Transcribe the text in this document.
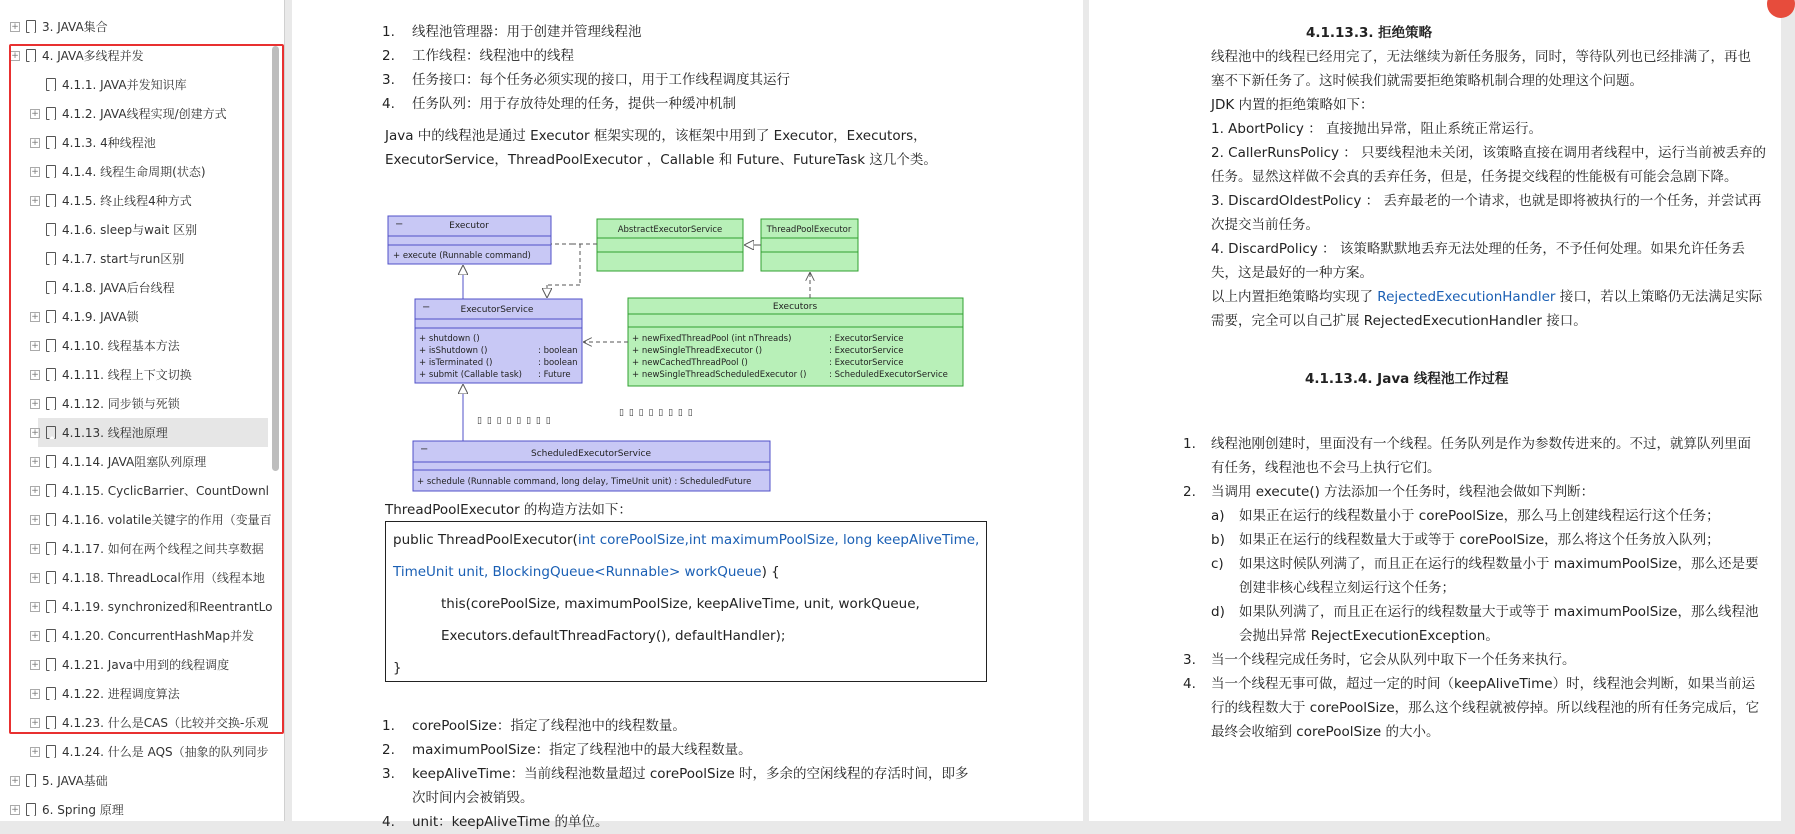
+ 3. JAVA集合
+ 4. JAVA多线程并发
4.1.1. JAVA并发知识库
+ 4.1.2. JAVA线程实现/创建方式
+ 4.1.3. 4种线程池
+ 4.1.4. 线程生命周期(状态)
+ 4.1.5. 终止线程4种方式
4.1.6. sleep与wait 区别
4.1.7. start与run区别
4.1.8. JAVA后台线程
+ 4.1.9. JAVA锁
+ 4.1.10. 线程基本方法
+ 4.1.11. 线程上下文切换
+ 4.1.12. 同步锁与死锁
+ 4.1.13. 线程池原理
+ 4.1.14. JAVA阻塞队列原理
+ 4.1.15. CyclicBarrier、CountDownl
+ 4.1.16. volatile关键字的作用（变量百
+ 4.1.17. 如何在两个线程之间共享数据
+ 4.1.18. ThreadLocal作用（线程本地
+ 4.1.19. synchronized和ReentrantLo
+ 4.1.20. ConcurrentHashMap并发
+ 4.1.21. Java中用到的线程调度
+ 4.1.22. 进程调度算法
+ 4.1.23. 什么是CAS（比较并交换-乐观
+ 4.1.24. 什么是 AQS（抽象的队列同步
+ 5. JAVA基础
+ 6. Spring 原理
1. 线程池管理器：用于创建并管理线程池
2. 工作线程：线程池中的线程
3. 任务接口：每个任务必须实现的接口，用于工作线程调度其运行
4. 任务队列：用于存放待处理的任务，提供一种缓冲机制
Java 中的线程池是通过 Executor 框架实现的，该框架中用到了 Executor，Executors，
ExecutorService，ThreadPoolExecutor ，Callable 和 Future、FutureTask 这几个类。
ThreadPoolExecutor 的构造方法如下：
1. corePoolSize：指定了线程池中的线程数量。
2. maximumPoolSize：指定了线程池中的最大线程数量。
3. keepAliveTime：当前线程池数量超过 corePoolSize 时，多余的空闲线程的存活时间，即多
次时间内会被销毁。
4. unit：keepAliveTime 的单位。
−	Executor
+ execute (Runnable command)
AbstractExecutorService	ThreadPoolExecutor
−	ExecutorService
+ shutdown ()
+ isShutdown ()
+ isTerminated ()
+ submit (Callable task)
: boolean
: boolean
: Future
Executors
+ newFixedThreadPool (int nThreads)
+ newSingleThreadExecutor ()
+ newCachedThreadPool ()
+ newSingleThreadScheduledExecutor ()
: ExecutorService
: ExecutorService
: ExecutorService
: ScheduledExecutorService
−	ScheduledExecutorService
+ schedule (Runnable command, long delay, TimeUnit unit) : ScheduledFuture
▯ ▯ ▯ ▯ ▯ ▯ ▯ ▯
▯ ▯ ▯ ▯ ▯ ▯ ▯ ▯
public ThreadPoolExecutor(int corePoolSize,int maximumPoolSize, long keepAliveTime,
TimeUnit unit, BlockingQueue<Runnable> workQueue) {
this(corePoolSize, maximumPoolSize, keepAliveTime, unit, workQueue,
Executors.defaultThreadFactory(), defaultHandler);
}
4.1.13.3. 拒绝策略
线程池中的线程已经用完了，无法继续为新任务服务，同时，等待队列也已经排满了，再也
塞不下新任务了。这时候我们就需要拒绝策略机制合理的处理这个问题。
JDK 内置的拒绝策略如下：
1. AbortPolicy ： 直接抛出异常，阻止系统正常运行。
2. CallerRunsPolicy ： 只要线程池未关闭，该策略直接在调用者线程中，运行当前被丢弃的
任务。显然这样做不会真的丢弃任务，但是，任务提交线程的性能极有可能会急剧下降。
3. DiscardOldestPolicy ： 丢弃最老的一个请求，也就是即将被执行的一个任务，并尝试再
次提交当前任务。
4. DiscardPolicy ： 该策略默默地丢弃无法处理的任务，不予任何处理。如果允许任务丢
失，这是最好的一种方案。
以上内置拒绝策略均实现了 RejectedExecutionHandler 接口，若以上策略仍无法满足实际
需要，完全可以自己扩展 RejectedExecutionHandler 接口。
4.1.13.4. Java 线程池工作过程
1. 线程池刚创建时，里面没有一个线程。任务队列是作为参数传进来的。不过，就算队列里面
有任务，线程池也不会马上执行它们。
2. 当调用 execute() 方法添加一个任务时，线程池会做如下判断：
a) 如果正在运行的线程数量小于 corePoolSize，那么马上创建线程运行这个任务；
b) 如果正在运行的线程数量大于或等于 corePoolSize，那么将这个任务放入队列；
c) 如果这时候队列满了，而且正在运行的线程数量小于 maximumPoolSize，那么还是要
创建非核心线程立刻运行这个任务；
d) 如果队列满了，而且正在运行的线程数量大于或等于 maximumPoolSize，那么线程池
会抛出异常 RejectExecutionException。
3. 当一个线程完成任务时，它会从队列中取下一个任务来执行。
4. 当一个线程无事可做，超过一定的时间（keepAliveTime）时，线程池会判断，如果当前运
行的线程数大于 corePoolSize，那么这个线程就被停掉。所以线程池的所有任务完成后，它
最终会收缩到 corePoolSize 的大小。
